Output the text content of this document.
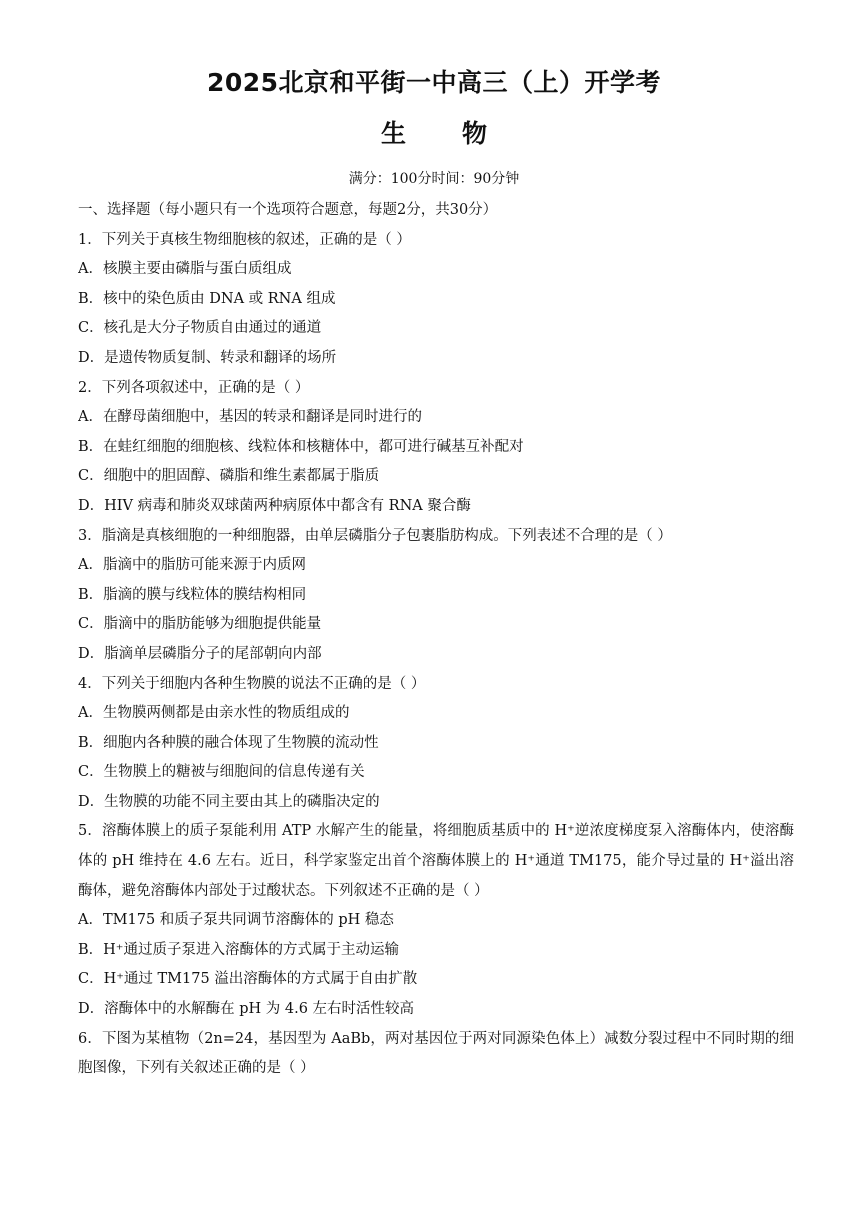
2025北京和平街一中高三（上）开学考
生物
满分：100分时间：90分钟
一、选择题（每小题只有一个选项符合题意，每题2分，共30分）
1．下列关于真核生物细胞核的叙述，正确的是（ ）
A．核膜主要由磷脂与蛋白质组成
B．核中的染色质由 DNA 或 RNA 组成
C．核孔是大分子物质自由通过的通道
D．是遗传物质复制、转录和翻译的场所
2．下列各项叙述中，正确的是（ ）
A．在酵母菌细胞中，基因的转录和翻译是同时进行的
B．在蛙红细胞的细胞核、线粒体和核糖体中，都可进行碱基互补配对
C．细胞中的胆固醇、磷脂和维生素都属于脂质
D．HIV 病毒和肺炎双球菌两种病原体中都含有 RNA 聚合酶
3．脂滴是真核细胞的一种细胞器，由单层磷脂分子包裹脂肪构成。下列表述不合理的是（ ）
A．脂滴中的脂肪可能来源于内质网
B．脂滴的膜与线粒体的膜结构相同
C．脂滴中的脂肪能够为细胞提供能量
D．脂滴单层磷脂分子的尾部朝向内部
4．下列关于细胞内各种生物膜的说法不正确的是（ ）
A．生物膜两侧都是由亲水性的物质组成的
B．细胞内各种膜的融合体现了生物膜的流动性
C．生物膜上的糖被与细胞间的信息传递有关
D．生物膜的功能不同主要由其上的磷脂决定的
5．溶酶体膜上的质子泵能利用 ATP 水解产生的能量，将细胞质基质中的 H⁺逆浓度梯度泵入溶酶体内，使溶酶体的 pH 维持在 4.6 左右。近日，科学家鉴定出首个溶酶体膜上的 H⁺通道 TM175，能介导过量的 H⁺溢出溶酶体，避免溶酶体内部处于过酸状态。下列叙述不正确的是（ ）
A．TM175 和质子泵共同调节溶酶体的 pH 稳态
B．H⁺通过质子泵进入溶酶体的方式属于主动运输
C．H⁺通过 TM175 溢出溶酶体的方式属于自由扩散
D．溶酶体中的水解酶在 pH 为 4.6 左右时活性较高
6．下图为某植物（2n=24，基因型为 AaBb，两对基因位于两对同源染色体上）减数分裂过程中不同时期的细胞图像，下列有关叙述正确的是（ ）
